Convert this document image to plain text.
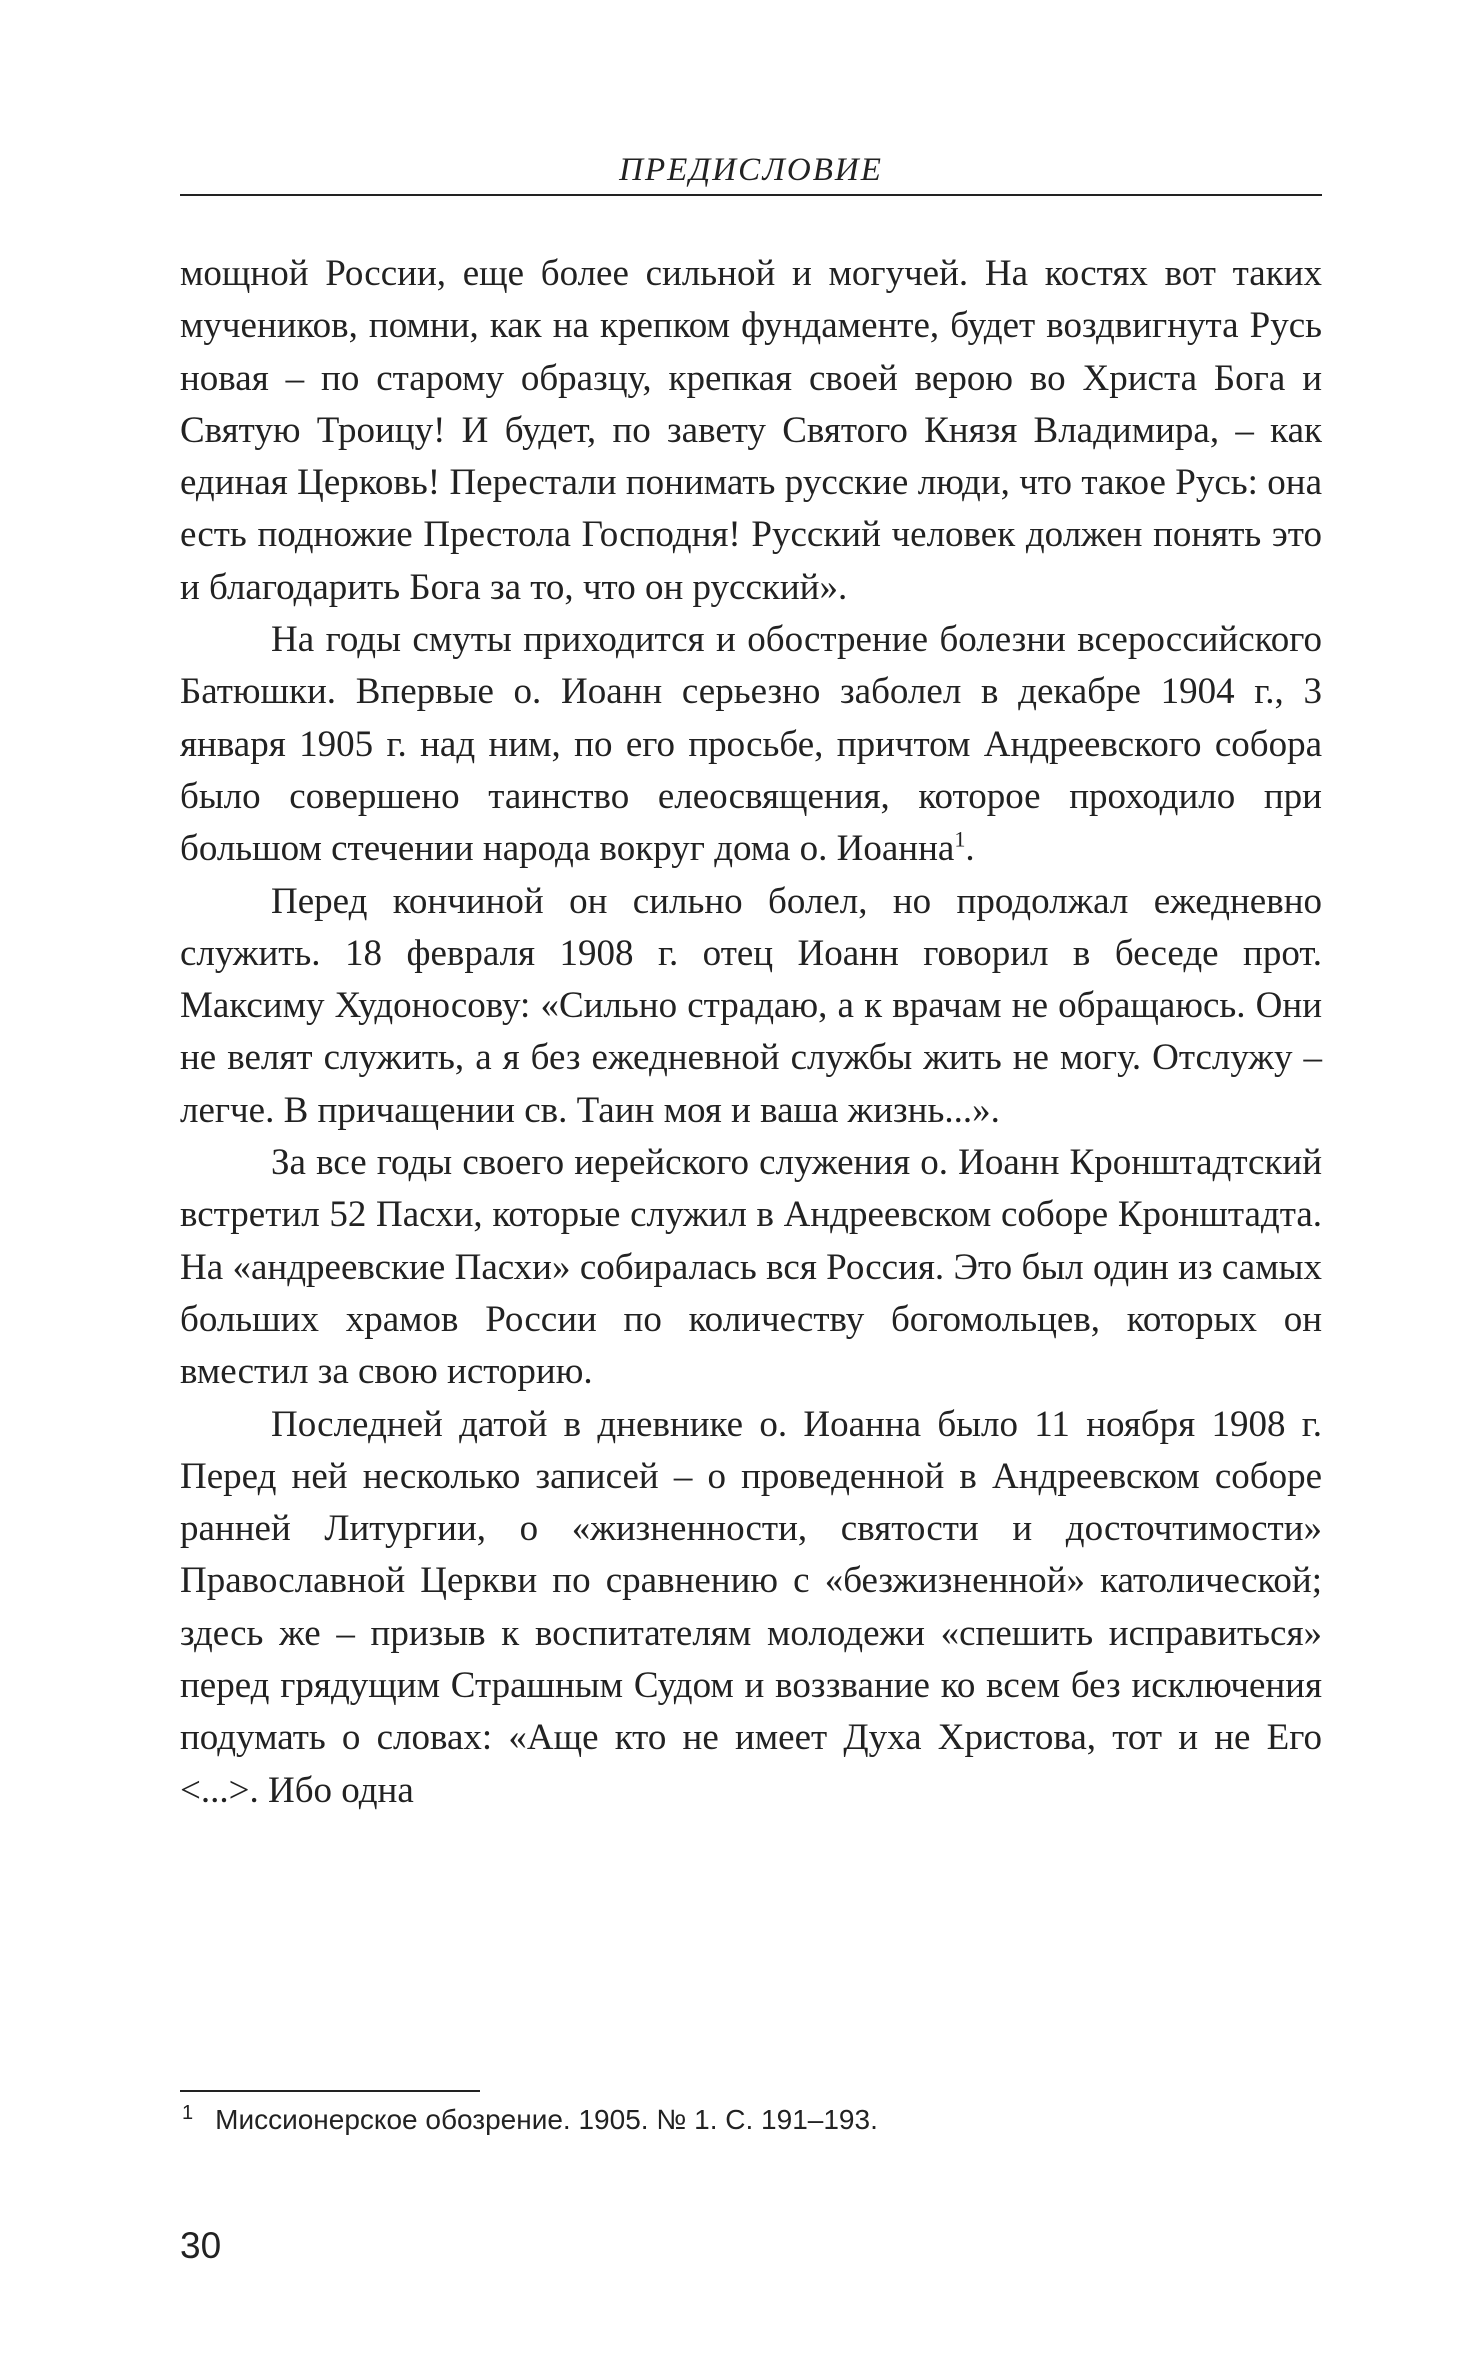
ПРЕДИСЛОВИЕ

мощной России, еще более сильной и могучей. На костях вот таких мучеников, помни, как на крепком фундаменте, будет воздвигнута Русь новая – по старому образцу, крепкая своей верою во Христа Бога и Святую Троицу! И будет, по завету Святого Князя Владимира, – как единая Церковь! Перестали понимать русские люди, что такое Русь: она есть подножие Престола Господня! Русский человек должен понять это и благодарить Бога за то, что он русский».

На годы смуты приходится и обострение болезни всероссийского Батюшки. Впервые о. Иоанн серьезно заболел в декабре 1904 г., 3 января 1905 г. над ним, по его просьбе, причтом Андреевского собора было совершено таинство елеосвящения, которое проходило при большом стечении народа вокруг дома о. Иоанна$^1$.

Перед кончиной он сильно болел, но продолжал ежедневно служить. 18 февраля 1908 г. отец Иоанн говорил в беседе прот. Максиму Худоносову: «Сильно страдаю, а к врачам не обращаюсь. Они не велят служить, а я без ежедневной службы жить не могу. Отслужу – легче. В причащении св. Таин моя и ваша жизнь...».

За все годы своего иерейского служения о. Иоанн Кронштадтский встретил 52 Пасхи, которые служил в Андреевском соборе Кронштадта. На «андреевские Пасхи» собиралась вся Россия. Это был один из самых больших храмов России по количеству богомольцев, которых он вместил за свою историю.

Последней датой в дневнике о. Иоанна было 11 ноября 1908 г. Перед ней несколько записей – о проведенной в Андреевском соборе ранней Литургии, о «жизненности, святости и досточтимости» Православной Церкви по сравнению с «безжизненной» католической; здесь же – призыв к воспитателям молодежи «спешить исправиться» перед грядущим Страшным Судом и воззвание ко всем без исключения подумать о словах: «Аще кто не имеет Духа Христова, тот и не Его <...>. Ибо одна

$^1$ Миссионерское обозрение. 1905. № 1. С. 191–193.
30
